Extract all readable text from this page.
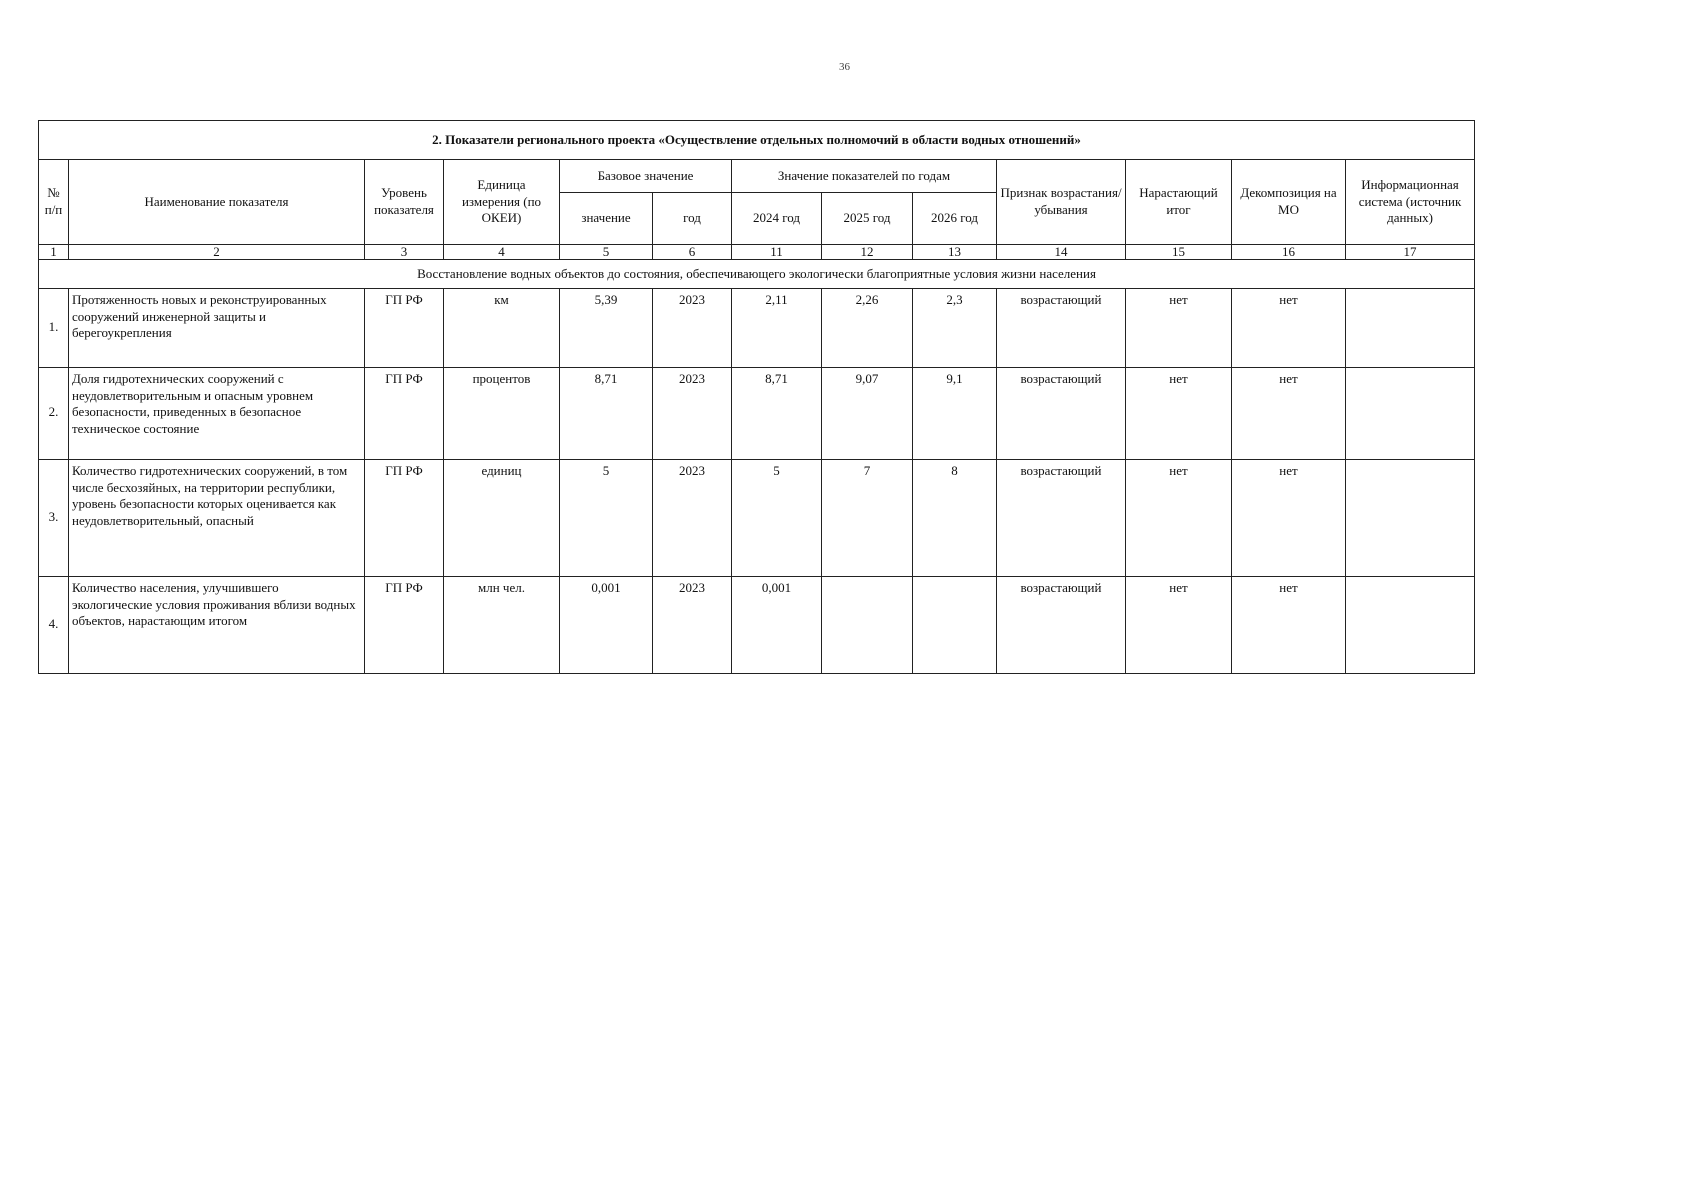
36
2. Показатели регионального проекта «Осуществление отдельных полномочий в области водных отношений»												
№ п/п	Наименование показателя	Уровень показателя	Единица измерения (по ОКЕИ)	Базовое значение		Значение показателей по годам			Признак возрастания/ убывания	Нарастающий итог	Декомпозиция на МО	Информационная система (источник данных)
				значение	год	2024 год	2025 год	2026 год				
1	2	3	4	5	6	11	12	13	14	15	16	17
Восстановление водных объектов до состояния, обеспечивающего экологически благоприятные условия жизни населения												
1.	Протяженность новых и реконструированных сооружений инженерной защиты и берегоукрепления	ГП РФ	км	5,39	2023	2,11	2,26	2,3	возрастающий	нет	нет	
2.	Доля гидротехнических сооружений с неудовлетворительным и опасным уровнем безопасности, приведенных в безопасное техническое состояние	ГП РФ	процентов	8,71	2023	8,71	9,07	9,1	возрастающий	нет	нет	
3.	Количество гидротехнических сооружений, в том числе бесхозяйных, на территории республики, уровень безопасности которых оценивается как неудовлетворительный, опасный	ГП РФ	единиц	5	2023	5	7	8	возрастающий	нет	нет	
4.	Количество населения, улучшившего экологические условия проживания вблизи водных объектов, нарастающим итогом	ГП РФ	млн чел.	0,001	2023	0,001			возрастающий	нет	нет	
